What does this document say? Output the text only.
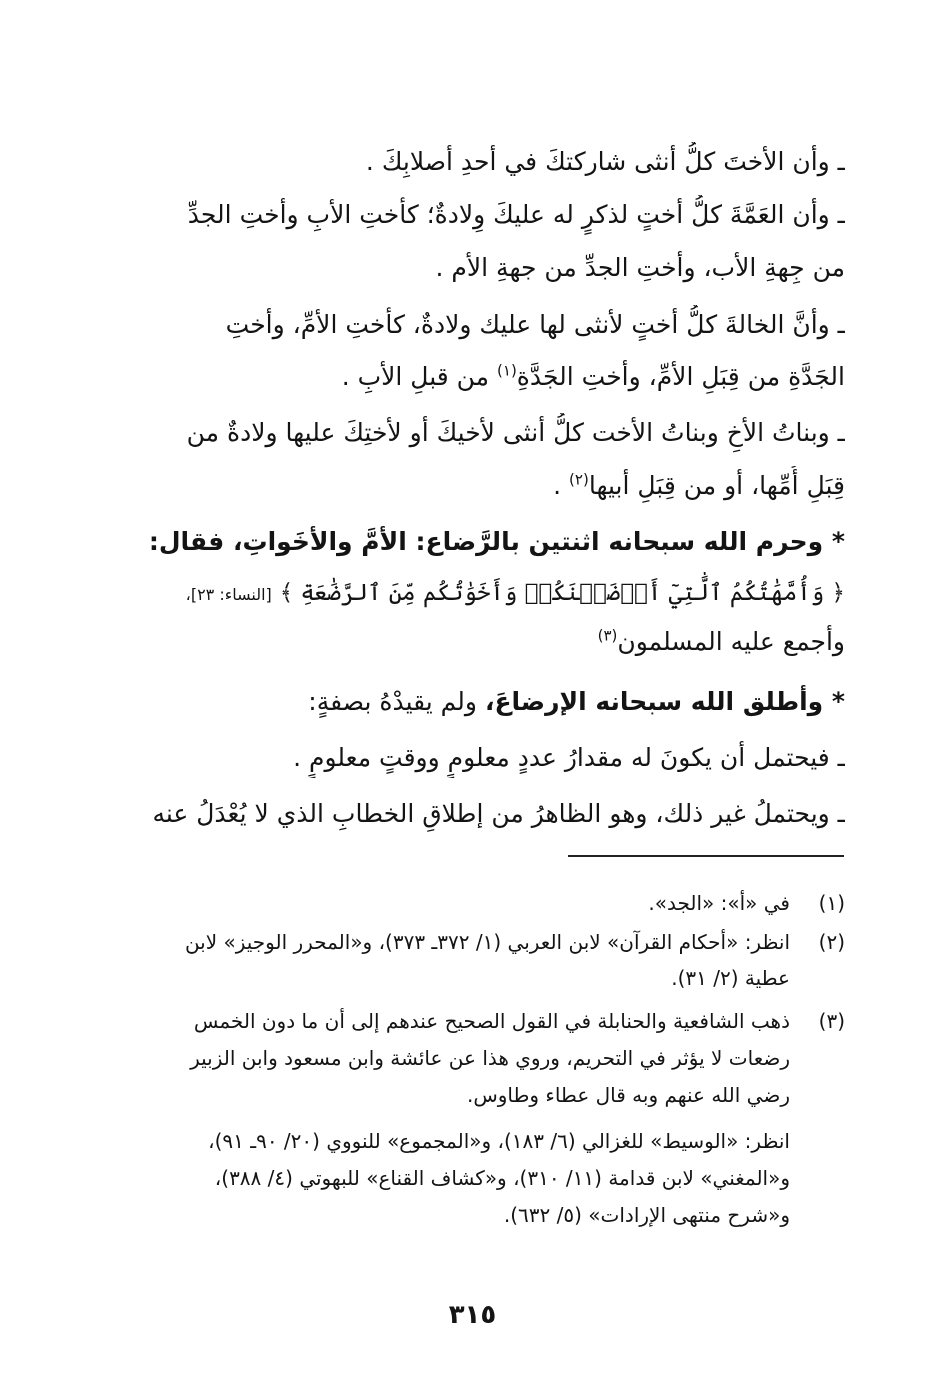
ـ وأن الأختَ كلُّ أنثى شاركتكَ في أحدِ أصلابِكَ .
ـ وأن العَمَّةَ كلُّ أختٍ لذكرٍ له عليكَ وِلادةٌ؛ كأختِ الأبِ وأختِ الجدِّ
من جِهةِ الأب، وأختِ الجدِّ من جهةِ الأم .
ـ وأنَّ الخالةَ كلُّ أختٍ لأنثى لها عليك ولادةٌ، كأختِ الأمِّ، وأختِ
الجَدَّةِ من قِبَلِ الأمِّ، وأختِ الجَدَّةِ$^{(١)}$ من قبلِ الأبِ .
ـ وبناتُ الأخِ وبناتُ الأخت كلُّ أنثى لأخيكَ أو لأختِكَ عليها ولادةٌ من
قِبَلِ أُمِّها، أو من قِبَلِ أبيها$^{(٢)}$ .
* وحرم الله سبحانه اثنتين بالرَّضاع: الأمَّ والأخَواتِ، فقال:
﴿ وَأُمَّهَٰتُكُمُ ٱلَّٰتِيٓ أَرۡضَعۡنَكُمۡ وَأَخَوَٰتُكُم مِّنَ ٱلرَّضَٰعَةِ ﴾ [النساء: ٢٣]،
وأجمع عليه المسلمون$^{(٣)}$
* وأطلق الله سبحانه الإرضاعَ، ولم يقيدْهُ بصفةٍ:
ـ فيحتمل أن يكونَ له مقدارُ عددٍ معلومٍ ووقتٍ معلومٍ .
ـ ويحتملُ غير ذلك، وهو الظاهرُ من إطلاقِ الخطابِ الذي لا يُعْدَلُ عنه
(١)
في «أ»: «الجد».
(٢)
انظر: «أحكام القرآن» لابن العربي (١/ ٣٧٢ـ ٣٧٣)، و«المحرر الوجيز» لابن
عطية (٢/ ٣١).
(٣)
ذهب الشافعية والحنابلة في القول الصحيح عندهم إلى أن ما دون الخمس
رضعات لا يؤثر في التحريم، وروي هذا عن عائشة وابن مسعود وابن الزبير
رضي الله عنهم وبه قال عطاء وطاوس.
انظر: «الوسيط» للغزالي (٦/ ١٨٣)، و«المجموع» للنووي (٢٠/ ٩٠ـ ٩١)،
و«المغني» لابن قدامة (١١/ ٣١٠)، و«كشاف القناع» للبهوتي (٤/ ٣٨٨)،
و«شرح منتهى الإرادات» (٥/ ٦٣٢).
٣١٥
